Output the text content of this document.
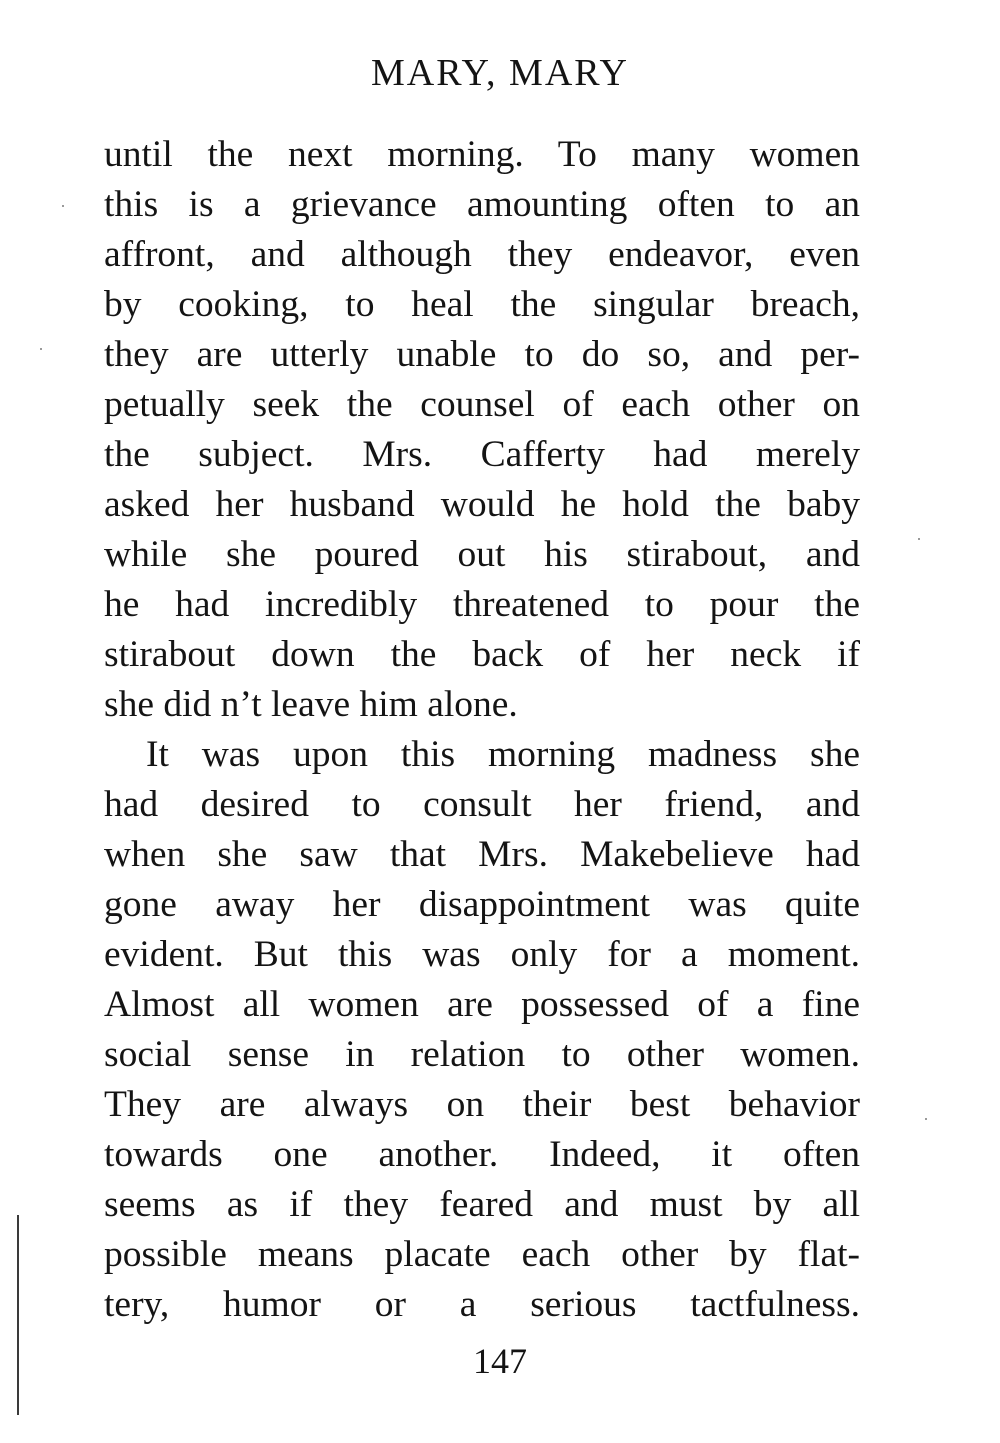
MARY, MARY
until the next morning. To many women
this is a grievance amounting often to an
affront, and although they endeavor, even
by cooking, to heal the singular breach,
they are utterly unable to do so, and per-
petually seek the counsel of each other on
the subject. Mrs. Cafferty had merely
asked her husband would he hold the baby
while she poured out his stirabout, and
he had incredibly threatened to pour the
stirabout down the back of her neck if
she did n’t leave him alone.
It was upon this morning madness she
had desired to consult her friend, and
when she saw that Mrs. Makebelieve had
gone away her disappointment was quite
evident. But this was only for a moment.
Almost all women are possessed of a fine
social sense in relation to other women.
They are always on their best behavior
towards one another. Indeed, it often
seems as if they feared and must by all
possible means placate each other by flat-
tery, humor or a serious tactfulness.
147
